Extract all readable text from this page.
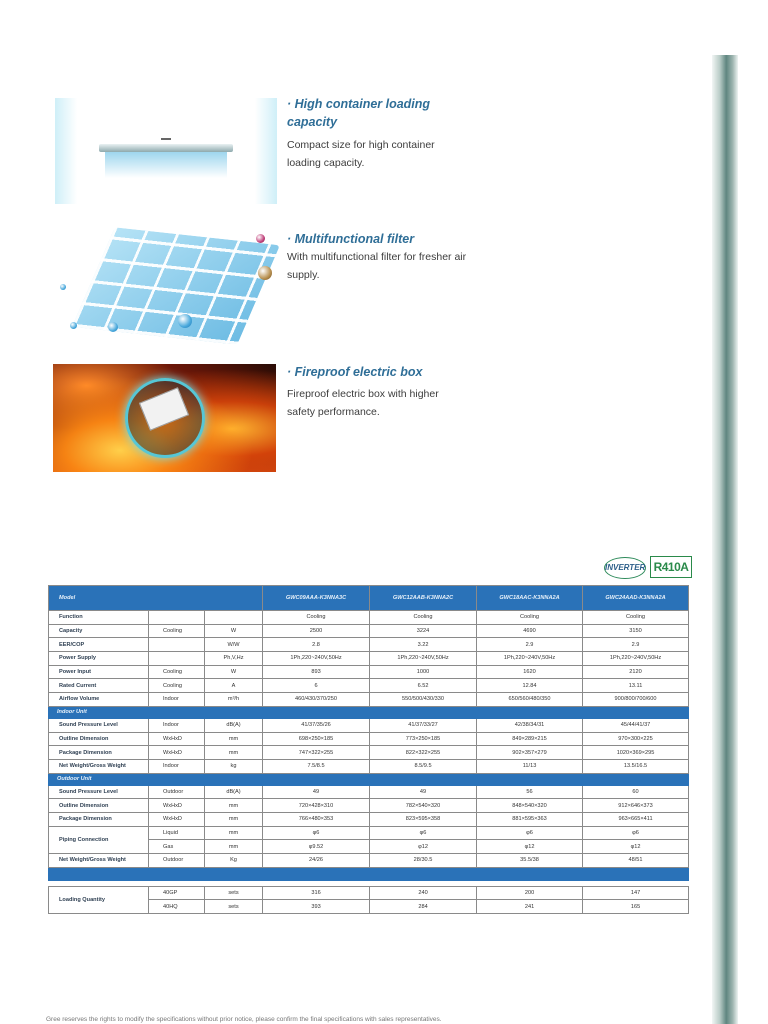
· High container loading
capacity
Compact size for high container
loading capacity.
· Multifunctional filter
With multifunctional filter for fresher air
supply.
· Fireproof electric box
Fireproof electric box with higher
safety performance.
INVERTER R410A
Model			GWC09AAA-K3NNA3C	GWC12AAB-K3NNA2C	GWC18AAC-K3NNA2A	GWC24AAD-K3NNA2A
Function			Cooling	Cooling	Cooling	Cooling
Capacity	Cooling	W	2500	3224	4690	3150
EER/COP		W/W	2.8	3.22	2.9	2.9
Power Supply		Ph,V,Hz	1Ph,220~240V,50Hz	1Ph,220~240V,50Hz	1Ph,220~240V,50Hz	1Ph,220~240V,50Hz
Power Input	Cooling	W	893	1000	1620	2120
Rated Current	Cooling	A	6	6.52	12.84	13.11
Airflow Volume	Indoor	m³/h	460/430/370/250	550/500/430/330	650/560/480/350	900/800/700/600
Indoor Unit						
Sound Pressure Level	Indoor	dB(A)	41/37/35/26	41/37/33/27	42/38/34/31	45/44/41/37
Outline Dimension	WxHxD	mm	698×250×185	773×250×185	849×289×215	970×300×225
Package Dimension	WxHxD	mm	747×322×255	822×322×255	902×357×279	1020×369×295
Net Weight/Gross Weight	Indoor	kg	7.5/8.5	8.5/9.5	11/13	13.5/16.5
Outdoor Unit						
Sound Pressure Level	Outdoor	dB(A)	49	49	56	60
Outline Dimension	WxHxD	mm	720×428×310	782×540×320	848×540×320	912×646×373
Package Dimension	WxHxD	mm	766×480×353	823×595×358	881×595×363	963×665×411
Piping Connection	Liquid	mm	φ6	φ6	φ6	φ6
	Gas	mm	φ9.52	φ12	φ12	φ12
Net Weight/Gross Weight	Outdoor	Kg	24/26	28/30.5	35.5/38	48/51

Loading Quantity	40GP	sets	316	240	200	147
	40HQ	sets	393	284	241	165
Gree reserves the rights to modify the specifications without prior notice, please confirm the final specifications with sales representatives.
